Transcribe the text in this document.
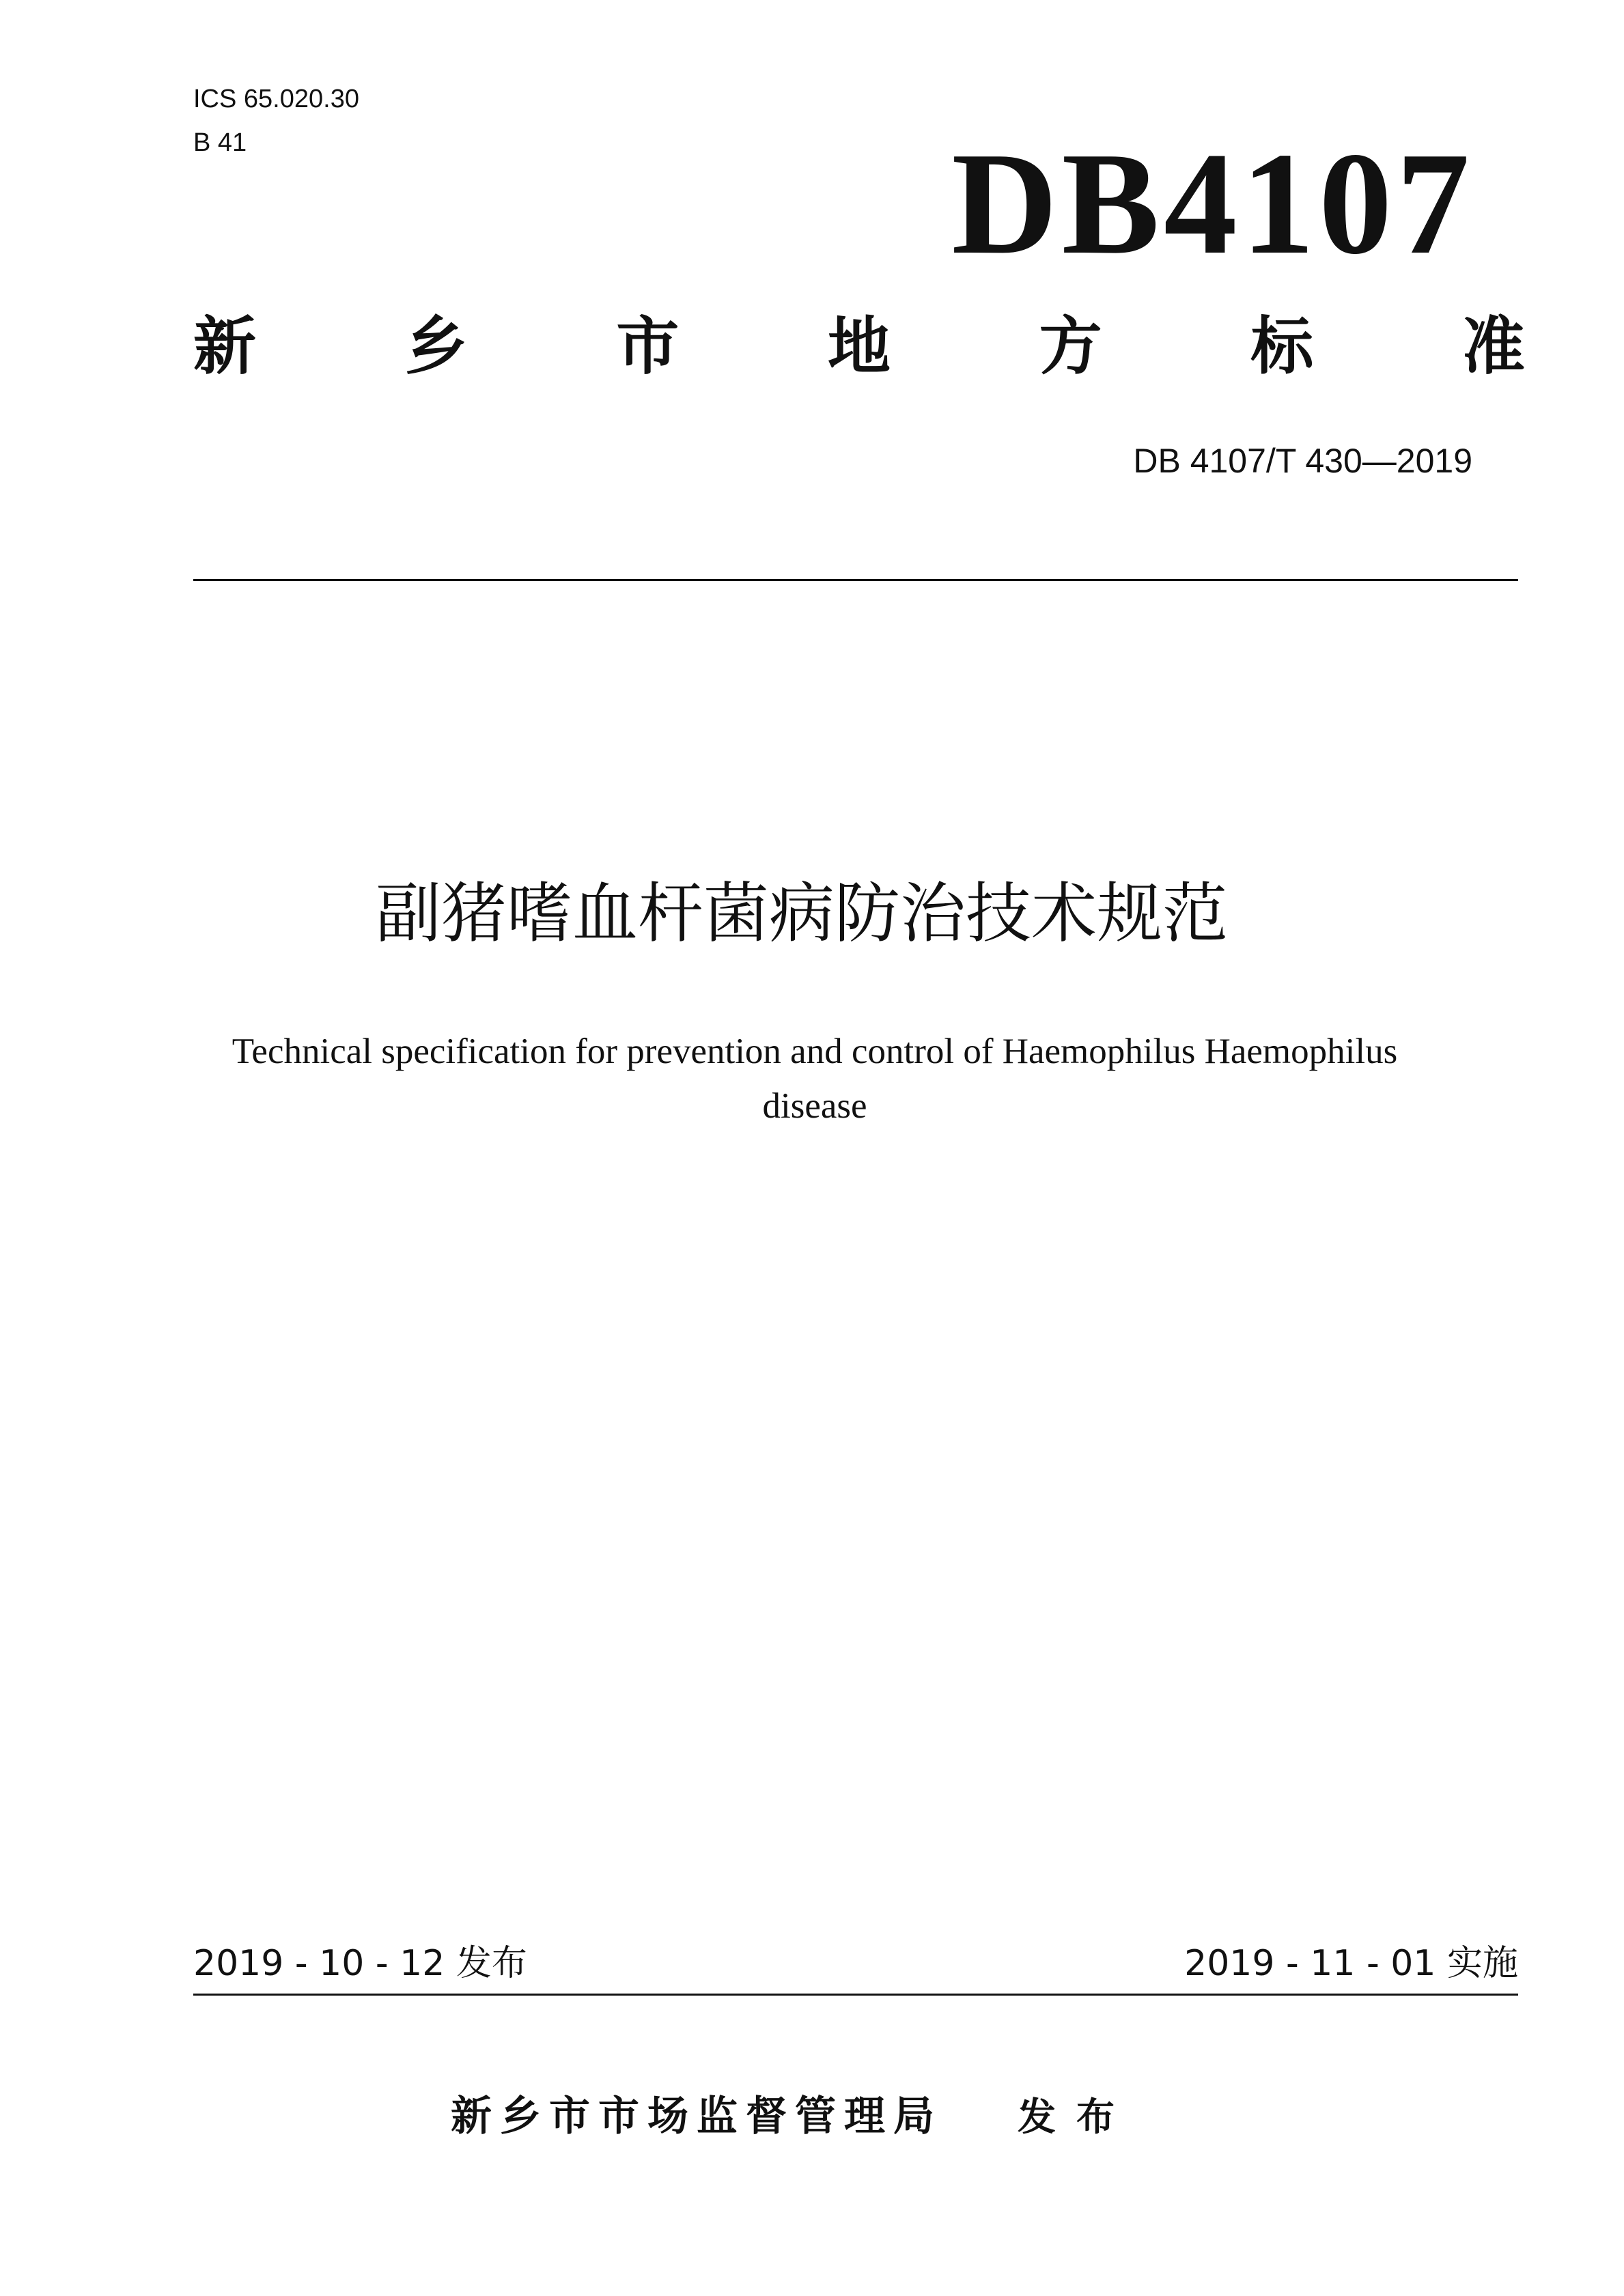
ICS 65.020.30
B 41	DB4107
新 乡 市 地 方 标 准
DB 4107/T 430—2019
副猪嗜血杆菌病防治技术规范
Technical specification for prevention and control of Haemophilus Haemophilus
disease
2019 - 10 - 12 发布	2019 - 11 - 01 实施
新乡市市场监督管理局 发布
